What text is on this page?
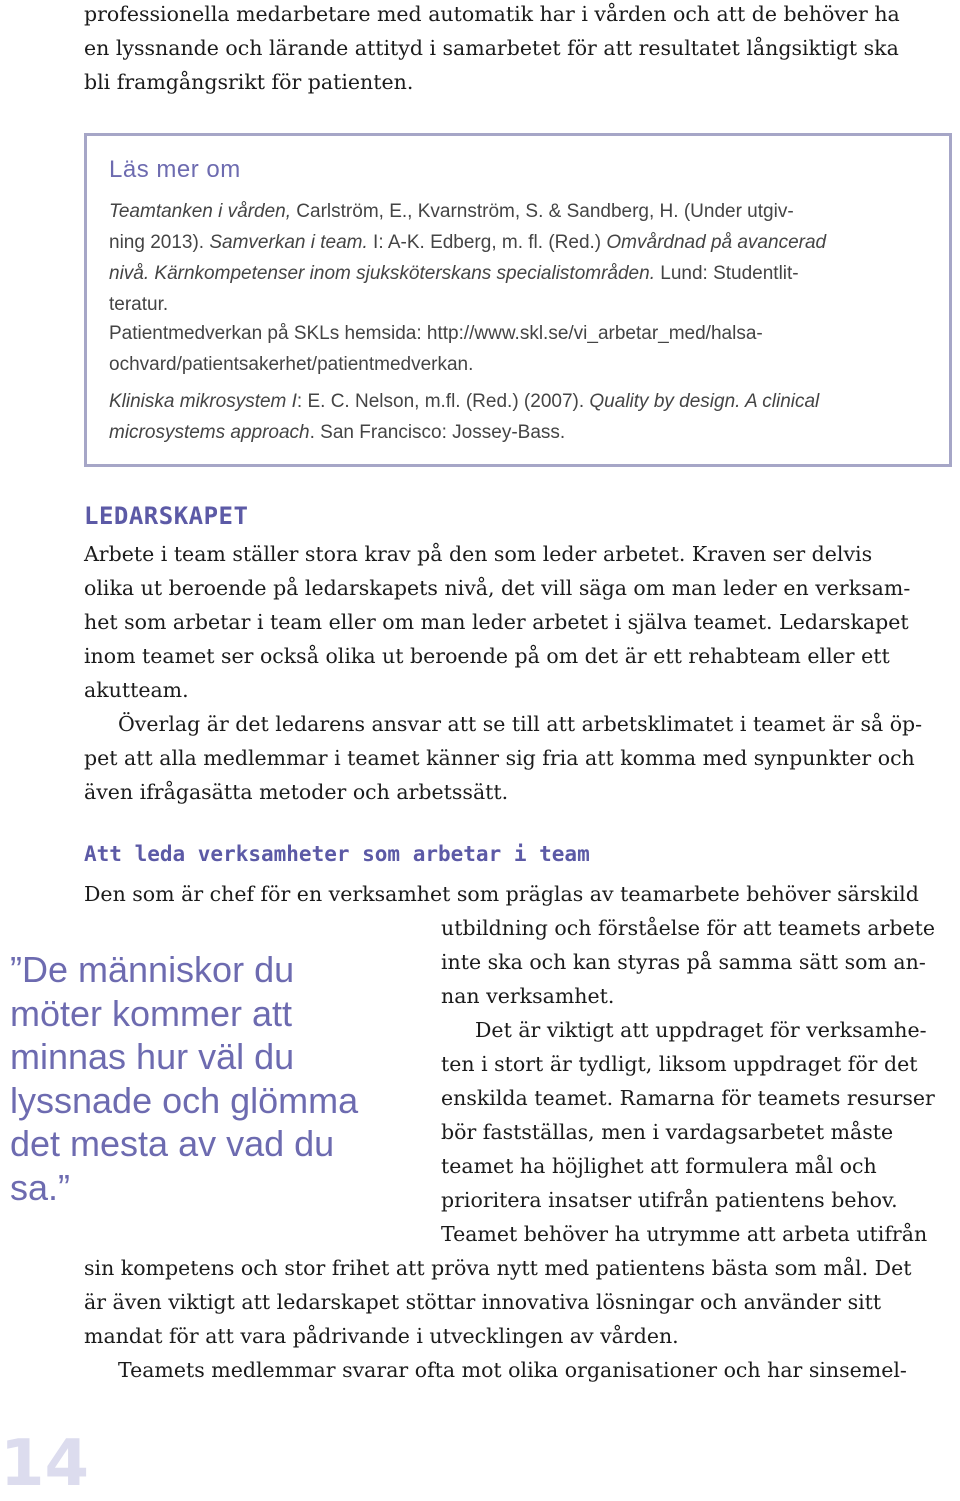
professionella medarbetare med automatik har i vården och att de behöver ha
en lyssnande och lärande attityd i samarbetet för att resultatet långsiktigt ska
bli framgångsrikt för patienten.
Läs mer om
Teamtanken i vården, Carlström, E., Kvarnström, S. & Sandberg, H. (Under utgiv-
ning 2013). Samverkan i team. I: A-K. Edberg, m. fl. (Red.) Omvårdnad på avancerad
nivå. Kärnkompetenser inom sjuksköterskans specialistområden. Lund: Studentlit-
teratur.
Patientmedverkan på SKLs hemsida: http://www.skl.se/vi_arbetar_med/halsa-
ochvard/patientsakerhet/patientmedverkan.
Kliniska mikrosystem I: E. C. Nelson, m.fl. (Red.) (2007). Quality by design. A clinical
microsystems approach. San Francisco: Jossey-Bass.
LEDARSKAPET
Arbete i team ställer stora krav på den som leder arbetet. Kraven ser delvis
olika ut beroende på ledarskapets nivå, det vill säga om man leder en verksam-
het som arbetar i team eller om man leder arbetet i själva teamet. Ledarskapet
inom teamet ser också olika ut beroende på om det är ett rehabteam eller ett
akutteam.
Överlag är det ledarens ansvar att se till att arbetsklimatet i teamet är så öp-
pet att alla medlemmar i teamet känner sig fria att komma med synpunkter och
även ifrågasätta metoder och arbetssätt.
Att leda verksamheter som arbetar i team
Den som är chef för en verksamhet som präglas av teamarbete behöver särskild
utbildning och förståelse för att teamets arbete
inte ska och kan styras på samma sätt som an-
nan verksamhet.
Det är viktigt att uppdraget för verksamhe-
ten i stort är tydligt, liksom uppdraget för det
enskilda teamet. Ramarna för teamets resurser
bör fastställas, men i vardagsarbetet måste
teamet ha höjlighet att formulera mål och
prioritera insatser utifrån patientens behov.
Teamet behöver ha utrymme att arbeta utifrån
sin kompetens och stor frihet att pröva nytt med patientens bästa som mål. Det
är även viktigt att ledarskapet stöttar innovativa lösningar och använder sitt
mandat för att vara pådrivande i utvecklingen av vården.
Teamets medlemmar svarar ofta mot olika organisationer och har sinsemel-
”De människor du
möter kommer att
minnas hur väl du
lyssnade och glömma
det mesta av vad du
sa.”
14
